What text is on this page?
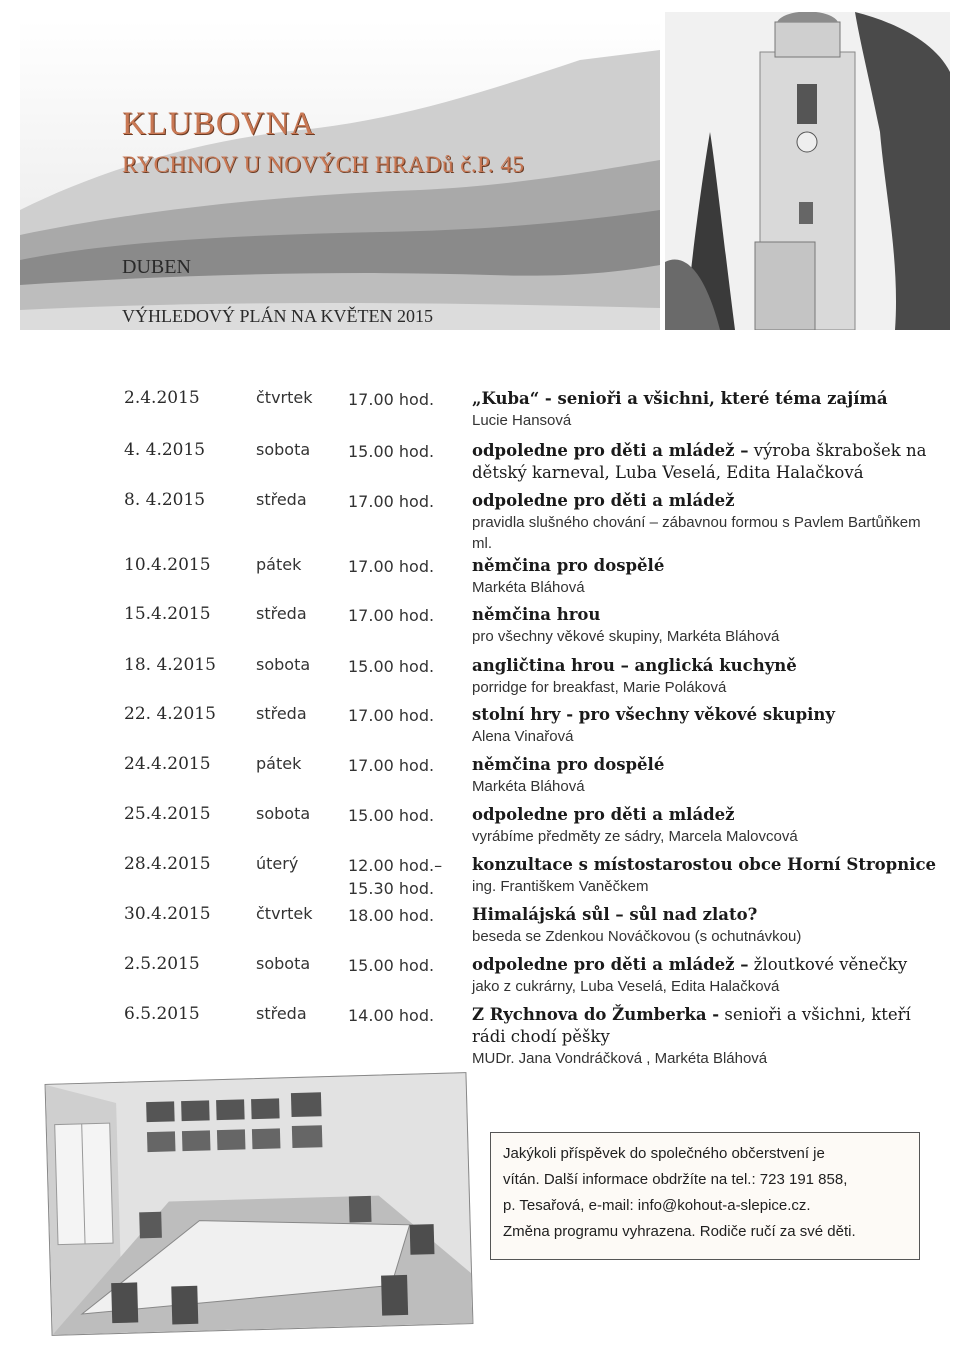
KLUBOVNA
RYCHNOV U NOVÝCH HRADů č.P. 45
DUBEN
VÝHLEDOVÝ PLÁN NA KVĚTEN 2015
2.4.2015	čtvrtek 17.00 hod.	„Kuba“ - senioři a všichni, které téma zajímá
Lucie Hansová
4. 4.2015	sobota 15.00 hod.	odpoledne pro děti a mládež – výroba škrabošek na dětský karneval, Luba Veselá, Edita Halačková
8. 4.2015	středa	17.00 hod.	odpoledne pro děti a mládež
pravidla slušného chování – zábavnou formou s Pavlem Bartůňkem ml.
10.4.2015	pátek	17.00 hod.	němčina pro dospělé
Markéta Bláhová
15.4.2015	středa	17.00 hod.	němčina hrou
pro všechny věkové skupiny, Markéta Bláhová
18. 4.2015	sobota 15.00 hod.	angličtina hrou – anglická kuchyně
porridge for breakfast, Marie Poláková
22. 4.2015	středa	17.00 hod.	stolní hry - pro všechny věkové skupiny
Alena Vinařová
24.4.2015	pátek	17.00 hod.	němčina pro dospělé
Markéta Bláhová
25.4.2015	sobota 15.00 hod.	odpoledne pro děti a mládež
vyrábíme předměty ze sádry, Marcela Malovcová
28.4.2015	úterý	12.00 hod.–
15.30 hod.
konzultace s místostarostou obce Horní Stropnice
ing. Františkem Vaněčkem
30.4.2015	čtvrtek 18.00 hod.	Himalájská sůl – sůl nad zlato?
beseda se Zdenkou Nováčkovou (s ochutnávkou)
2.5.2015	sobota 15.00 hod.	odpoledne pro děti a mládež – žloutkové věnečky
jako z cukrárny, Luba Veselá, Edita Halačková
6.5.2015	středa	14.00 hod.	Z Rychnova do Žumberka - senioři a všichni, kteří rádi chodí pěšky
MUDr. Jana Vondráčková , Markéta Bláhová
Jakýkoli příspěvek do společného občerstvení je
vítán. Další informace obdržíte na tel.: 723 191 858,
p. Tesařová, e-mail: info@kohout-a-slepice.cz.
Změna programu vyhrazena. Rodiče ručí za své děti.
